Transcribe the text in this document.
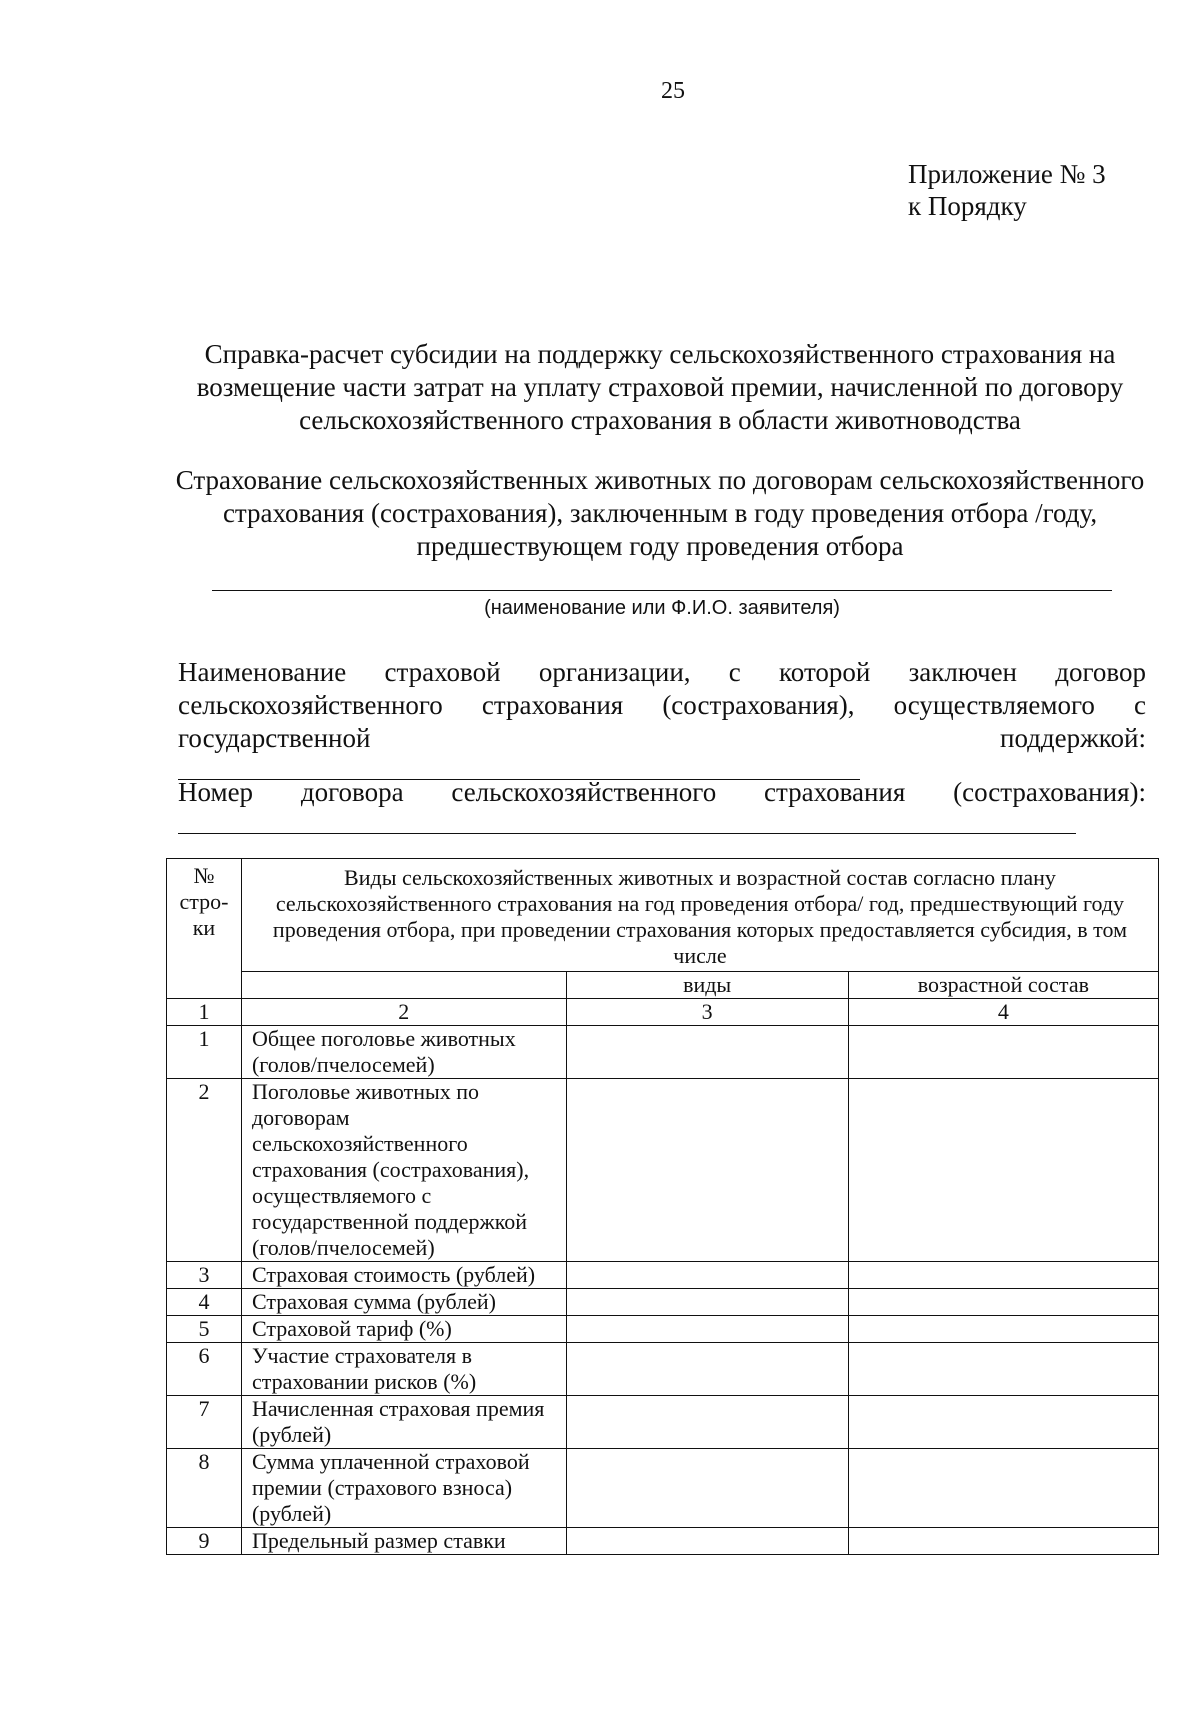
25
Приложение № 3
к Порядку
Справка-расчет субсидии на поддержку сельскохозяйственного страхования на возмещение части затрат на уплату страховой премии, начисленной по договору сельскохозяйственного страхования в области животноводства
Страхование сельскохозяйственных животных по договорам сельскохозяйственного страхования (сострахования), заключенным в году проведения отбора /году, предшествующем году проведения отбора
(наименование или Ф.И.О. заявителя)
Наименование страховой организации, с которой заключен договор сельскохозяйственного страхования (сострахования), осуществляемого с государственной поддержкой:
Номер договора сельскохозяйственного страхования (сострахования):
№ стро-ки	Виды сельскохозяйственных животных и возрастной состав согласно плану сельскохозяйственного страхования на год проведения отбора/ год, предшествующий году проведения отбора, при проведении страхования которых предоставляется субсидия, в том числе		
		виды	возрастной состав
1	2	3	4
1	Общее поголовье животных (голов/пчелосемей)		
2	Поголовье животных по договорам сельскохозяйственного страхования (сострахования), осуществляемого с государственной поддержкой (голов/пчелосемей)		
3	Страховая стоимость (рублей)		
4	Страховая сумма (рублей)		
5	Страховой тариф (%)		
6	Участие страхователя в страховании рисков (%)		
7	Начисленная страховая премия (рублей)		
8	Сумма уплаченной страховой премии (страхового взноса) (рублей)		
9	Предельный размер ставки		
